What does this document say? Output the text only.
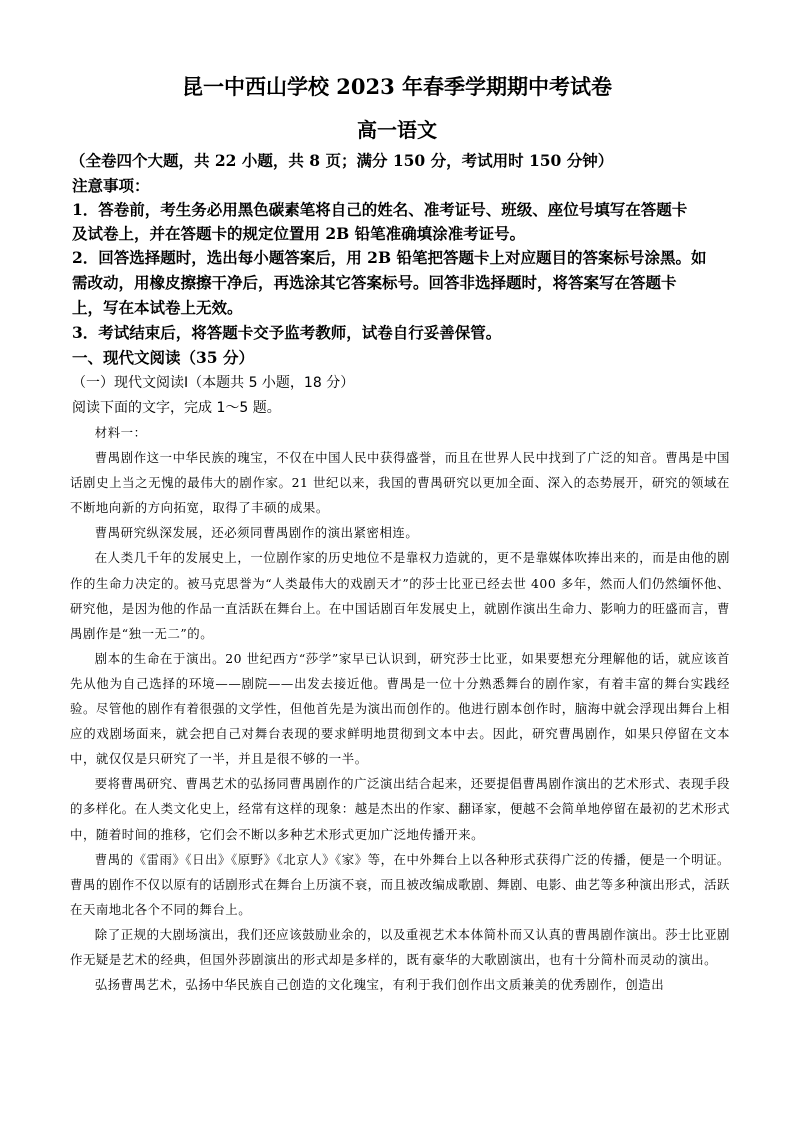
昆一中西山学校 2023 年春季学期期中考试卷
高一语文
（全卷四个大题，共 22 小题，共 8 页；满分 150 分，考试用时 150 分钟）
注意事项：
1．答卷前，考生务必用黑色碳素笔将自己的姓名、准考证号、班级、座位号填写在答题卡
及试卷上，并在答题卡的规定位置用 2B 铅笔准确填涂准考证号。
2．回答选择题时，选出每小题答案后，用 2B 铅笔把答题卡上对应题目的答案标号涂黑。如
需改动，用橡皮擦擦干净后，再选涂其它答案标号。回答非选择题时，将答案写在答题卡
上，写在本试卷上无效。
3．考试结束后，将答题卡交予监考教师，试卷自行妥善保管。
一、现代文阅读（35 分）
（一）现代文阅读Ⅰ（本题共 5 小题，18 分）
阅读下面的文字，完成 1～5 题。

材料一：

曹禺剧作这一中华民族的瑰宝，不仅在中国人民中获得盛誉，而且在世界人民中找到了广泛的知音。曹禺是中国话剧史上当之无愧的最伟大的剧作家。21 世纪以来，我国的曹禺研究以更加全面、深入的态势展开，研究的领域在不断地向新的方向拓宽，取得了丰硕的成果。

曹禺研究纵深发展，还必须同曹禺剧作的演出紧密相连。

在人类几千年的发展史上，一位剧作家的历史地位不是靠权力造就的，更不是靠媒体吹捧出来的，而是由他的剧作的生命力决定的。被马克思誉为“人类最伟大的戏剧天才”的莎士比亚已经去世 400 多年，然而人们仍然缅怀他、研究他，是因为他的作品一直活跃在舞台上。在中国话剧百年发展史上，就剧作演出生命力、影响力的旺盛而言，曹禺剧作是“独一无二”的。

剧本的生命在于演出。20 世纪西方“莎学”家早已认识到，研究莎士比亚，如果要想充分理解他的话，就应该首先从他为自己选择的环境——剧院——出发去接近他。曹禺是一位十分熟悉舞台的剧作家，有着丰富的舞台实践经验。尽管他的剧作有着很强的文学性，但他首先是为演出而创作的。他进行剧本创作时，脑海中就会浮现出舞台上相应的戏剧场面来，就会把自己对舞台表现的要求鲜明地贯彻到文本中去。因此，研究曹禺剧作，如果只停留在文本中，就仅仅是只研究了一半，并且是很不够的一半。

要将曹禺研究、曹禺艺术的弘扬同曹禺剧作的广泛演出结合起来，还要提倡曹禺剧作演出的艺术形式、表现手段的多样化。在人类文化史上，经常有这样的现象：越是杰出的作家、翻译家，便越不会简单地停留在最初的艺术形式中，随着时间的推移，它们会不断以多种艺术形式更加广泛地传播开来。

曹禺的《雷雨》《日出》《原野》《北京人》《家》等，在中外舞台上以各种形式获得广泛的传播，便是一个明证。曹禺的剧作不仅以原有的话剧形式在舞台上历演不衰，而且被改编成歌剧、舞剧、电影、曲艺等多种演出形式，活跃在天南地北各个不同的舞台上。

除了正规的大剧场演出，我们还应该鼓励业余的，以及重视艺术本体简朴而又认真的曹禺剧作演出。莎士比亚剧作无疑是艺术的经典，但国外莎剧演出的形式却是多样的，既有豪华的大歌剧演出，也有十分简朴而灵动的演出。

弘扬曹禺艺术，弘扬中华民族自己创造的文化瑰宝，有利于我们创作出文质兼美的优秀剧作，创造出
